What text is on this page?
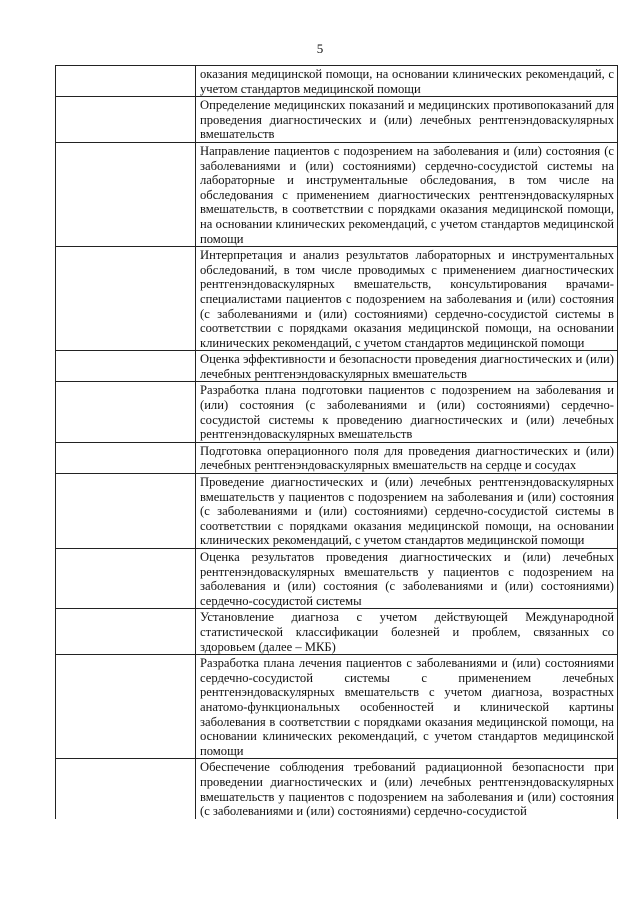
5
оказания медицинской помощи, на основании клинических рекомендаций, с учетом стандартов медицинской помощи
Определение медицинских показаний и медицинских противопоказаний для проведения диагностических и (или) лечебных рентгенэндоваскулярных вмешательств
Направление пациентов с подозрением на заболевания и (или) состояния (с заболеваниями и (или) состояниями) сердечно-сосудистой системы на лабораторные и инструментальные обследования, в том числе на обследования с применением диагностических рентгенэндоваскулярных вмешательств, в соответствии с порядками оказания медицинской помощи, на основании клинических рекомендаций, с учетом стандартов медицинской помощи
Интерпретация и анализ результатов лабораторных и инструментальных обследований, в том числе проводимых с применением диагностических рентгенэндоваскулярных вмешательств, консультирования врачами-специалистами пациентов с подозрением на заболевания и (или) состояния (с заболеваниями и (или) состояниями) сердечно-сосудистой системы в соответствии с порядками оказания медицинской помощи, на основании клинических рекомендаций, с учетом стандартов медицинской помощи
Оценка эффективности и безопасности проведения диагностических и (или) лечебных рентгенэндоваскулярных вмешательств
Разработка плана подготовки пациентов с подозрением на заболевания и (или) состояния (с заболеваниями и (или) состояниями) сердечно-сосудистой системы к проведению диагностических и (или) лечебных рентгенэндоваскулярных вмешательств
Подготовка операционного поля для проведения диагностических и (или) лечебных рентгенэндоваскулярных вмешательств на сердце и сосудах
Проведение диагностических и (или) лечебных рентгенэндоваскулярных вмешательств у пациентов с подозрением на заболевания и (или) состояния (с заболеваниями и (или) состояниями) сердечно-сосудистой системы в соответствии с порядками оказания медицинской помощи, на основании клинических рекомендаций, с учетом стандартов медицинской помощи
Оценка результатов проведения диагностических и (или) лечебных рентгенэндоваскулярных вмешательств у пациентов с подозрением на заболевания и (или) состояния (с заболеваниями и (или) состояниями) сердечно-сосудистой системы
Установление диагноза с учетом действующей Международной статистической классификации болезней и проблем, связанных со здоровьем (далее – МКБ)
Разработка плана лечения пациентов с заболеваниями и (или) состояниями сердечно-сосудистой системы с применением лечебных рентгенэндоваскулярных вмешательств с учетом диагноза, возрастных анатомо-функциональных особенностей и клинической картины заболевания в соответствии с порядками оказания медицинской помощи, на основании клинических рекомендаций, с учетом стандартов медицинской помощи
Обеспечение соблюдения требований радиационной безопасности при проведении диагностических и (или) лечебных рентгенэндоваскулярных вмешательств у пациентов с подозрением на заболевания и (или) состояния (с заболеваниями и (или) состояниями) сердечно-сосудистой
